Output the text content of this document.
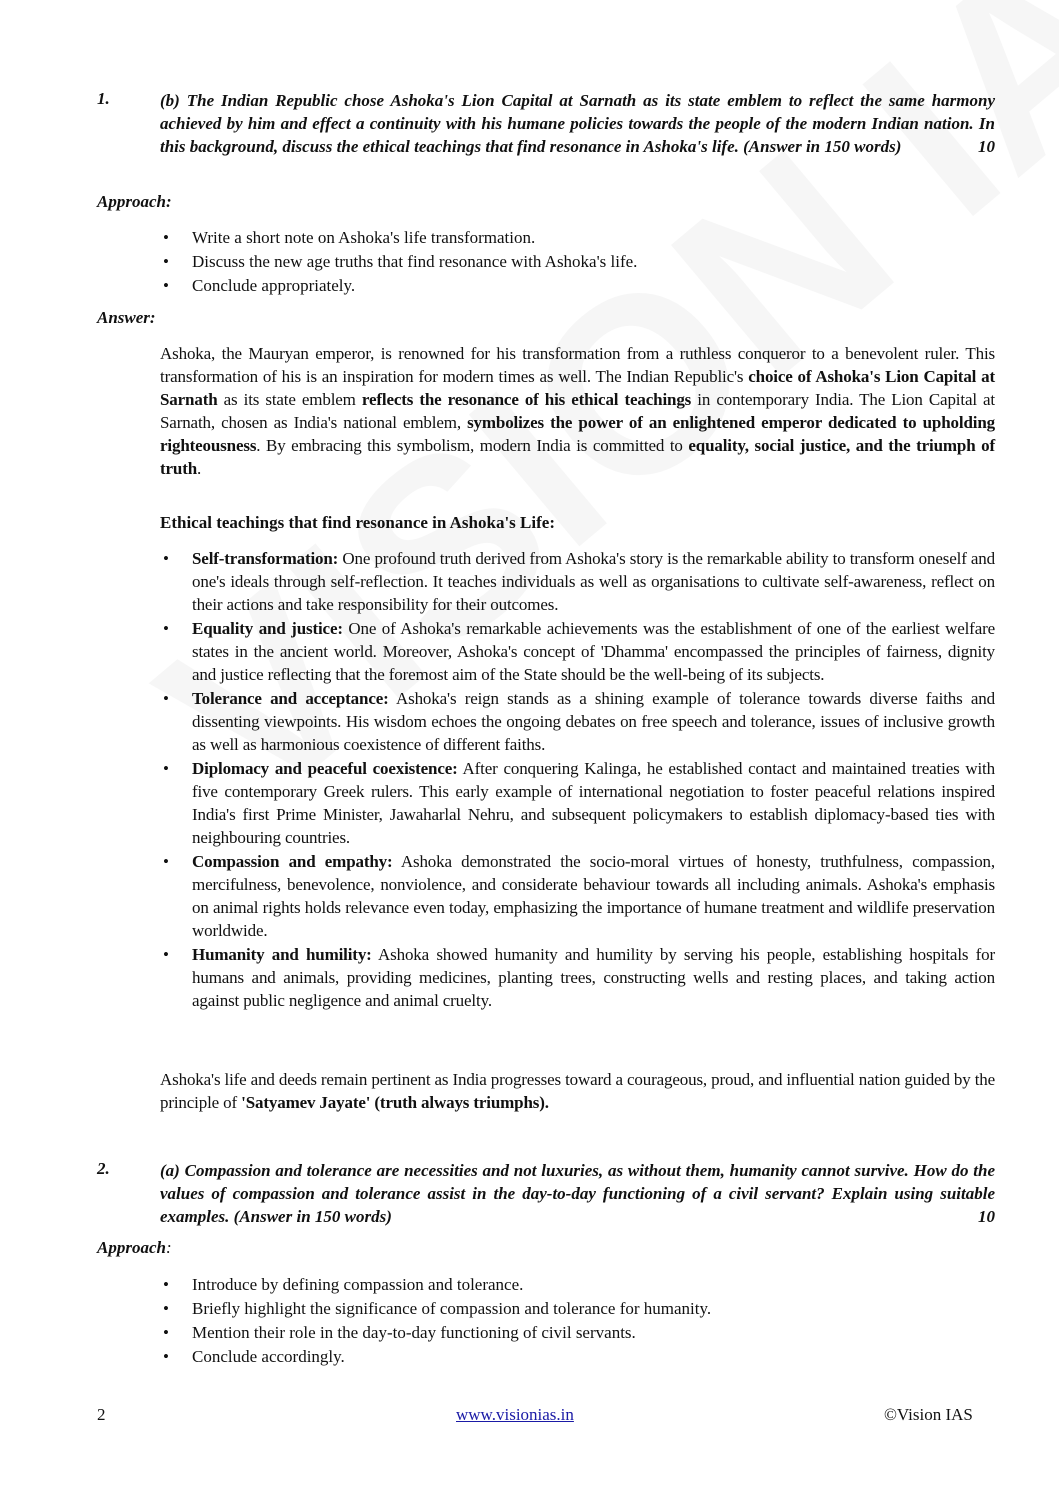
1.	(b) The Indian Republic chose Ashoka's Lion Capital at Sarnath as its state emblem to reflect the same harmony achieved by him and effect a continuity with his humane policies towards the people of the modern Indian nation. In this background, discuss the ethical teachings that find resonance in Ashoka's life. (Answer in 150 words)	10
Approach:
• Write a short note on Ashoka's life transformation.
• Discuss the new age truths that find resonance with Ashoka's life.
• Conclude appropriately.
Answer:
Ashoka, the Mauryan emperor, is renowned for his transformation from a ruthless conqueror to a benevolent ruler. This transformation of his is an inspiration for modern times as well. The Indian Republic's choice of Ashoka's Lion Capital at Sarnath as its state emblem reflects the resonance of his ethical teachings in contemporary India. The Lion Capital at Sarnath, chosen as India's national emblem, symbolizes the power of an enlightened emperor dedicated to upholding righteousness. By embracing this symbolism, modern India is committed to equality, social justice, and the triumph of truth.
Ethical teachings that find resonance in Ashoka's Life:
• Self-transformation: One profound truth derived from Ashoka's story is the remarkable ability to transform oneself and one's ideals through self-reflection. It teaches individuals as well as organisations to cultivate self-awareness, reflect on their actions and take responsibility for their outcomes.
• Equality and justice: One of Ashoka's remarkable achievements was the establishment of one of the earliest welfare states in the ancient world. Moreover, Ashoka's concept of 'Dhamma' encompassed the principles of fairness, dignity and justice reflecting that the foremost aim of the State should be the well-being of its subjects.
• Tolerance and acceptance: Ashoka's reign stands as a shining example of tolerance towards diverse faiths and dissenting viewpoints. His wisdom echoes the ongoing debates on free speech and tolerance, issues of inclusive growth as well as harmonious coexistence of different faiths.
• Diplomacy and peaceful coexistence: After conquering Kalinga, he established contact and maintained treaties with five contemporary Greek rulers. This early example of international negotiation to foster peaceful relations inspired India's first Prime Minister, Jawaharlal Nehru, and subsequent policymakers to establish diplomacy-based ties with neighbouring countries.
• Compassion and empathy: Ashoka demonstrated the socio-moral virtues of honesty, truthfulness, compassion, mercifulness, benevolence, nonviolence, and considerate behaviour towards all including animals. Ashoka's emphasis on animal rights holds relevance even today, emphasizing the importance of humane treatment and wildlife preservation worldwide.
• Humanity and humility: Ashoka showed humanity and humility by serving his people, establishing hospitals for humans and animals, providing medicines, planting trees, constructing wells and resting places, and taking action against public negligence and animal cruelty.
Ashoka's life and deeds remain pertinent as India progresses toward a courageous, proud, and influential nation guided by the principle of 'Satyamev Jayate' (truth always triumphs).
2.	(a) Compassion and tolerance are necessities and not luxuries, as without them, humanity cannot survive. How do the values of compassion and tolerance assist in the day-to-day functioning of a civil servant? Explain using suitable examples. (Answer in 150 words)	10
Approach:
• Introduce by defining compassion and tolerance.
• Briefly highlight the significance of compassion and tolerance for humanity.
• Mention their role in the day-to-day functioning of civil servants.
• Conclude accordingly.
2	www.visionias.in	©Vision IAS
